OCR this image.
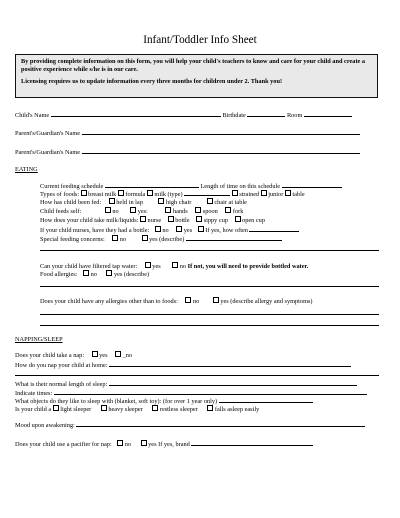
Infant/Toddler Info Sheet

By providing complete information on this form, you will help your child's teachers to know and care for your child and create a positive experience while s/he is in our care.

Licensing requires us to update information every three months for children under 2. Thank you!

Child's Name	Birthdate	Room
Parent's/Guardian's Name
Parent's/Guardian's Name
EATING
Current feeding schedule	Length of time on this schedule
Types of foods: breast milk formula milk (type)	strained junior table
How has child been fed: held in lap	high chair	chair at table
Child feeds self:	no	yes:	hands spoon fork
How does your child take milk/liquids: nurse bottle sippy cup open cup
If your child nurses, have they had a bottle: no yes If yes, how often
Special feeding concerns: no	yes (describe)
Can your child have filtered tap water: yes	no If not, you will need to provide bottled water.
Food allergies: no	yes (describe)
Does your child have any allergies other than to foods: no	yes (describe allergy and symptoms)
NAPPING/SLEEP
Does your child take a nap: yes _no
How do you nap your child at home:
What is their normal length of sleep:
Indicate times:
What objects do they like to sleep with (blanket, soft toy): (for over 1 year only)
Is your child a light sleeper	heavy sleeper	restless sleeper	falls asleep easily
Mood upon awakening:
Does your child use a pacifier for nap: no	yes If yes, brand
